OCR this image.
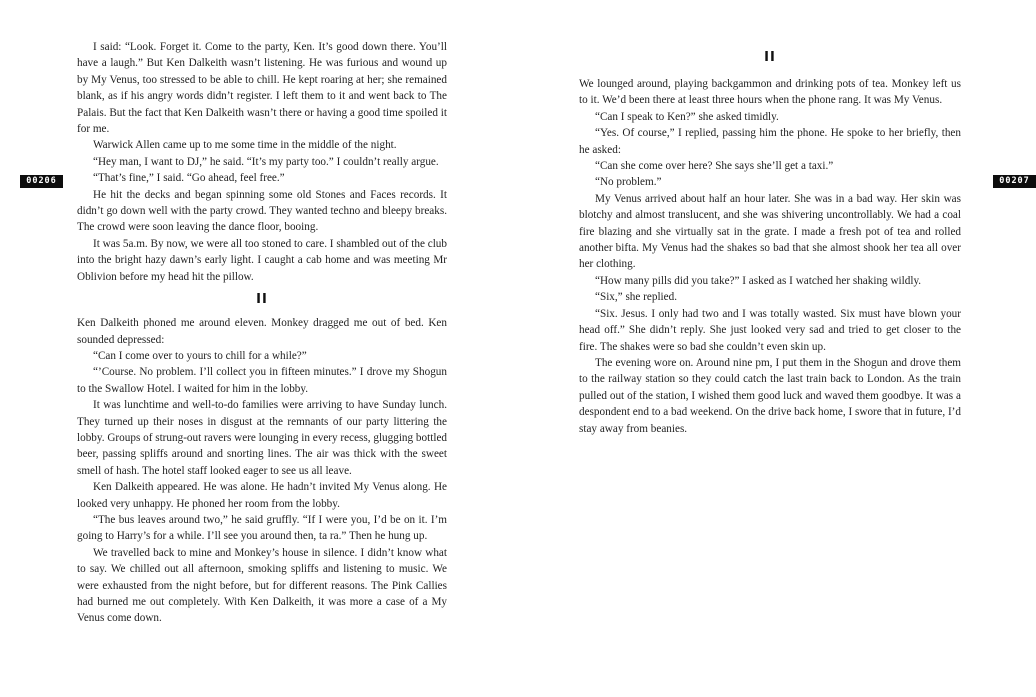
00206

I said: “Look. Forget it. Come to the party, Ken. It’s good down there. You’ll have a laugh.” But Ken Dalkeith wasn’t listening. He was furious and wound up by My Venus, too stressed to be able to chill. He kept roaring at her; she remained blank, as if his angry words didn’t register. I left them to it and went back to The Palais. But the fact that Ken Dalkeith wasn’t there or having a good time spoiled it for me.

Warwick Allen came up to me some time in the middle of the night.

“Hey man, I want to DJ,” he said. “It’s my party too.” I couldn’t really argue.

“That’s fine,” I said. “Go ahead, feel free.”

He hit the decks and began spinning some old Stones and Faces records. It didn’t go down well with the party crowd. They wanted techno and bleepy breaks. The crowd were soon leaving the dance floor, booing.

It was 5a.m. By now, we were all too stoned to care. I shambled out of the club into the bright hazy dawn’s early light. I caught a cab home and was meeting Mr Oblivion before my head hit the pillow.

II

Ken Dalkeith phoned me around eleven. Monkey dragged me out of bed. Ken sounded depressed:

“Can I come over to yours to chill for a while?”

“’Course. No problem. I’ll collect you in fifteen minutes.” I drove my Shogun to the Swallow Hotel. I waited for him in the lobby.

It was lunchtime and well-to-do families were arriving to have Sunday lunch. They turned up their noses in disgust at the remnants of our party littering the lobby. Groups of strung-out ravers were lounging in every recess, glugging bottled beer, passing spliffs around and snorting lines. The air was thick with the sweet smell of hash. The hotel staff looked eager to see us all leave.

Ken Dalkeith appeared. He was alone. He hadn’t invited My Venus along. He looked very unhappy. He phoned her room from the lobby.

“The bus leaves around two,” he said gruffly. “If I were you, I’d be on it. I’m going to Harry’s for a while. I’ll see you around then, ta ra.” Then he hung up.

We travelled back to mine and Monkey’s house in silence. I didn’t know what to say. We chilled out all afternoon, smoking spliffs and listening to music. We were exhausted from the night before, but for different reasons. The Pink Callies had burned me out completely. With Ken Dalkeith, it was more a case of a My Venus come down.

00207
II

We lounged around, playing backgammon and drinking pots of tea. Monkey left us to it. We’d been there at least three hours when the phone rang. It was My Venus.

“Can I speak to Ken?” she asked timidly.

“Yes. Of course,” I replied, passing him the phone. He spoke to her briefly, then he asked:

“Can she come over here? She says she’ll get a taxi.”

“No problem.”

My Venus arrived about half an hour later. She was in a bad way. Her skin was blotchy and almost translucent, and she was shivering uncontrollably. We had a coal fire blazing and she virtually sat in the grate. I made a fresh pot of tea and rolled another bifta. My Venus had the shakes so bad that she almost shook her tea all over her clothing.

“How many pills did you take?” I asked as I watched her shaking wildly.

“Six,” she replied.

“Six. Jesus. I only had two and I was totally wasted. Six must have blown your head off.” She didn’t reply. She just looked very sad and tried to get closer to the fire. The shakes were so bad she couldn’t even skin up.

The evening wore on. Around nine pm, I put them in the Shogun and drove them to the railway station so they could catch the last train back to London. As the train pulled out of the station, I wished them good luck and waved them goodbye. It was a despondent end to a bad weekend. On the drive back home, I swore that in future, I’d stay away from beanies.
